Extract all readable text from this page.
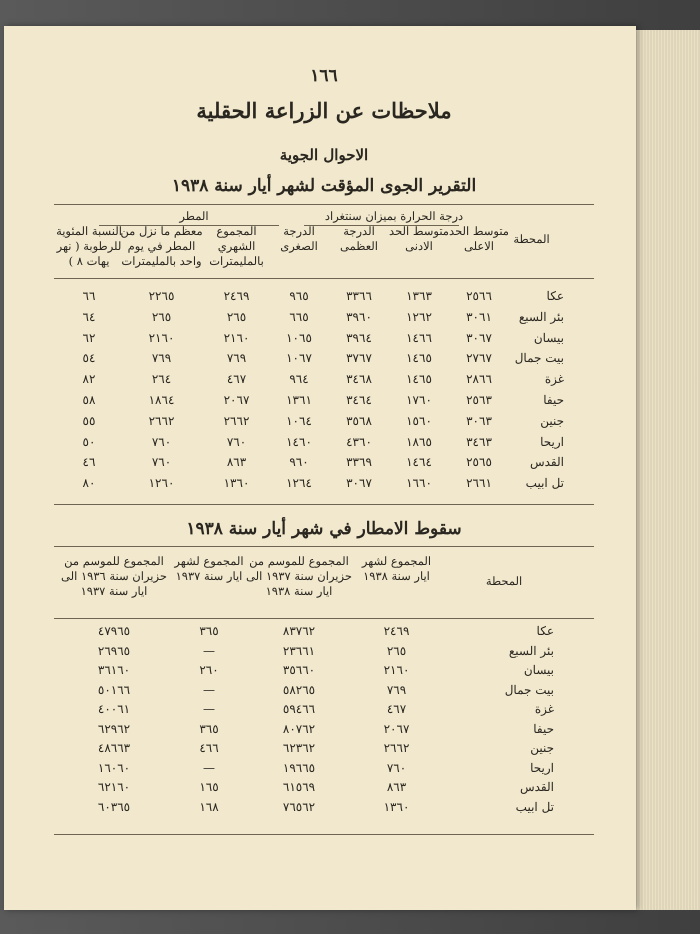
١٦٦
ملاحظات عن الزراعة الحقلية
الاحوال الجوية
التقرير الجوى المؤقت لشهر أيار سنة ١٩٣٨
درجة الحرارة بميزان سنتغراد
المطر
المحطة
متوسط الحد الاعلى
متوسط الحد الادنى
الدرجة العظمى
الدرجة الصغرى
المجموع الشهري بالمليمترات
معظم ما نزل من المطر في يوم واحد بالمليمترات
النسبة المئوية للرطوبة ( نهر يهات ٨ )
عكا
٢٥٦٦
١٣٦٣
٣٣٦٦
٩٦٥
٢٤٦٩
٢٢٦٥
٦٦
بئر السبع
٣٠٦١
١٢٦٢
٣٩٦٠
٦٦٥
٢٦٥
٢٦٥
٦٤
بيسان
٣٠٦٧
١٤٦٦
٣٩٦٤
١٠٦٥
٢١٦٠
٢١٦٠
٦٢
بيت جمال
٢٧٦٧
١٤٦٥
٣٧٦٧
١٠٦٧
٧٦٩
٧٦٩
٥٤
غزة
٢٨٦٦
١٤٦٥
٣٤٦٨
٩٦٤
٤٦٧
٢٦٤
٨٢
حيفا
٢٥٦٣
١٧٦٠
٣٤٦٤
١٣٦١
٢٠٦٧
١٨٦٤
٥٨
جنين
٣٠٦٣
١٥٦٠
٣٥٦٨
١٠٦٤
٢٦٦٢
٢٦٦٢
٥٥
اريحا
٣٤٦٣
١٨٦٥
٤٣٦٠
١٤٦٠
٧٦٠
٧٦٠
٥٠
القدس
٢٥٦٥
١٤٦٤
٣٣٦٩
٩٦٠
٨٦٣
٧٦٠
٤٦
تل ابيب
٢٦٦١
١٦٦٠
٣٠٦٧
١٢٦٤
١٣٦٠
١٢٦٠
٨٠
سقوط الامطار في شهر أيار سنة ١٩٣٨
المحطة
المجموع لشهر ايار سنة ١٩٣٨
المجموع للموسم من حزيران سنة ١٩٣٧ الى ايار سنة ١٩٣٨
المجموع لشهر ايار سنة ١٩٣٧
المجموع للموسم من حزيران سنة ١٩٣٦ الى ايار سنة ١٩٣٧
عكا
٢٤٦٩
٨٣٧٦٢
٣٦٥
٤٧٩٦٥
بئر السبع
٢٦٥
٢٣٦٦١
—
٢٦٩٦٥
بيسان
٢١٦٠
٣٥٦٦٠
٢٦٠
٣٦١٦٠
بيت جمال
٧٦٩
٥٨٢٦٥
—
٥٠١٦٦
غزة
٤٦٧
٥٩٤٦٦
—
٤٠٠٦١
حيفا
٢٠٦٧
٨٠٧٦٢
٣٦٥
٦٢٩٦٢
جنين
٢٦٦٢
٦٢٣٦٢
٤٦٦
٤٨٦٦٣
اريحا
٧٦٠
١٩٦٦٥
—
١٦٠٦٠
القدس
٨٦٣
٦١٥٦٩
١٦٥
٦٢١٦٠
تل ابيب
١٣٦٠
٧٦٥٦٢
١٦٨
٦٠٣٦٥
